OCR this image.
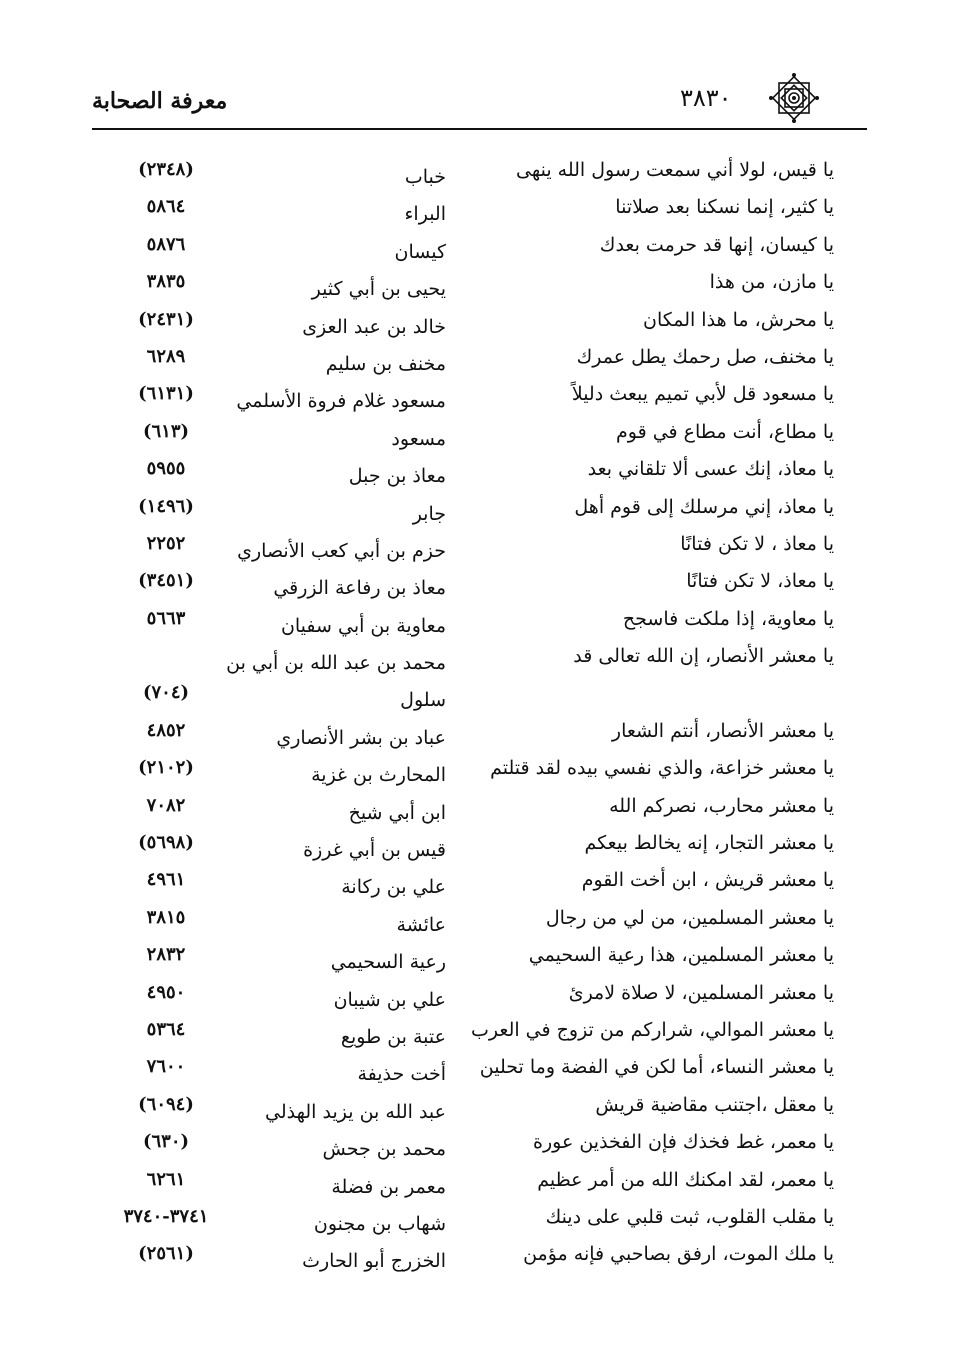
معرفة الصحابة	٣٨٣٠
يا قيس، لولا أني سمعت رسول الله ينهى
خباب
(٢٣٤٨)
يا كثير، إنما نسكنا بعد صلاتنا
البراء
٥٨٦٤
يا كيسان، إنها قد حرمت بعدك
كيسان
٥٨٧٦
يا مازن، من هذا
يحيى بن أبي كثير
٣٨٣٥
يا محرش، ما هذا المكان
خالد بن عبد العزى
(٢٤٣١)
يا مخنف، صل رحمك يطل عمرك
مخنف بن سليم
٦٢٨٩
يا مسعود قل لأبي تميم يبعث دليلاً
مسعود غلام فروة الأسلمي
(٦١٣١)
يا مطاع، أنت مطاع في قوم
مسعود
(٦١٣)
يا معاذ، إنك عسى ألا تلقاني بعد
معاذ بن جبل
٥٩٥٥
يا معاذ، إني مرسلك إلى قوم أهل
جابر
(١٤٩٦)
يا معاذ ، لا تكن فتانًا
حزم بن أبي كعب الأنصاري
٢٢٥٢
يا معاذ، لا تكن فتانًا
معاذ بن رفاعة الزرقي
(٣٤٥١)
يا معاوية، إذا ملكت فاسجح
معاوية بن أبي سفيان
٥٦٦٣
يا معشر الأنصار، إن الله تعالى قد
محمد بن عبد الله بن أبي بن سلول
(٧٠٤)
يا معشر الأنصار، أنتم الشعار
عباد بن بشر الأنصاري
٤٨٥٢
يا معشر خزاعة، والذي نفسي بيده لقد قتلتم
المحارث بن غزية
(٢١٠٢)
يا معشر محارب، نصركم الله
ابن أبي شيخ
٧٠٨٢
يا معشر التجار، إنه يخالط بيعكم
قيس بن أبي غرزة
(٥٦٩٨)
يا معشر قريش ، ابن أخت القوم
علي بن ركانة
٤٩٦١
يا معشر المسلمين، من لي من رجال
عائشة
٣٨١٥
يا معشر المسلمين، هذا رعية السحيمي
رعية السحيمي
٢٨٣٢
يا معشر المسلمين، لا صلاة لامرئ
علي بن شيبان
٤٩٥٠
يا معشر الموالي، شراركم من تزوج في العرب
عتبة بن طويع
٥٣٦٤
يا معشر النساء، أما لكن في الفضة وما تحلين
أخت حذيفة
٧٦٠٠
يا معقل ،اجتنب مقاضية قريش
عبد الله بن يزيد الهذلي
(٦٠٩٤)
يا معمر، غط فخذك فإن الفخذين عورة
محمد بن جحش
(٦٣٠)
يا معمر، لقد امكنك الله من أمر عظيم
معمر بن فضلة
٦٢٦١
يا مقلب القلوب، ثبت قلبي على دينك
شهاب بن مجنون
٣٧٤١-٣٧٤٠
يا ملك الموت، ارفق بصاحبي فإنه مؤمن
الخزرج أبو الحارث
(٢٥٦١)
